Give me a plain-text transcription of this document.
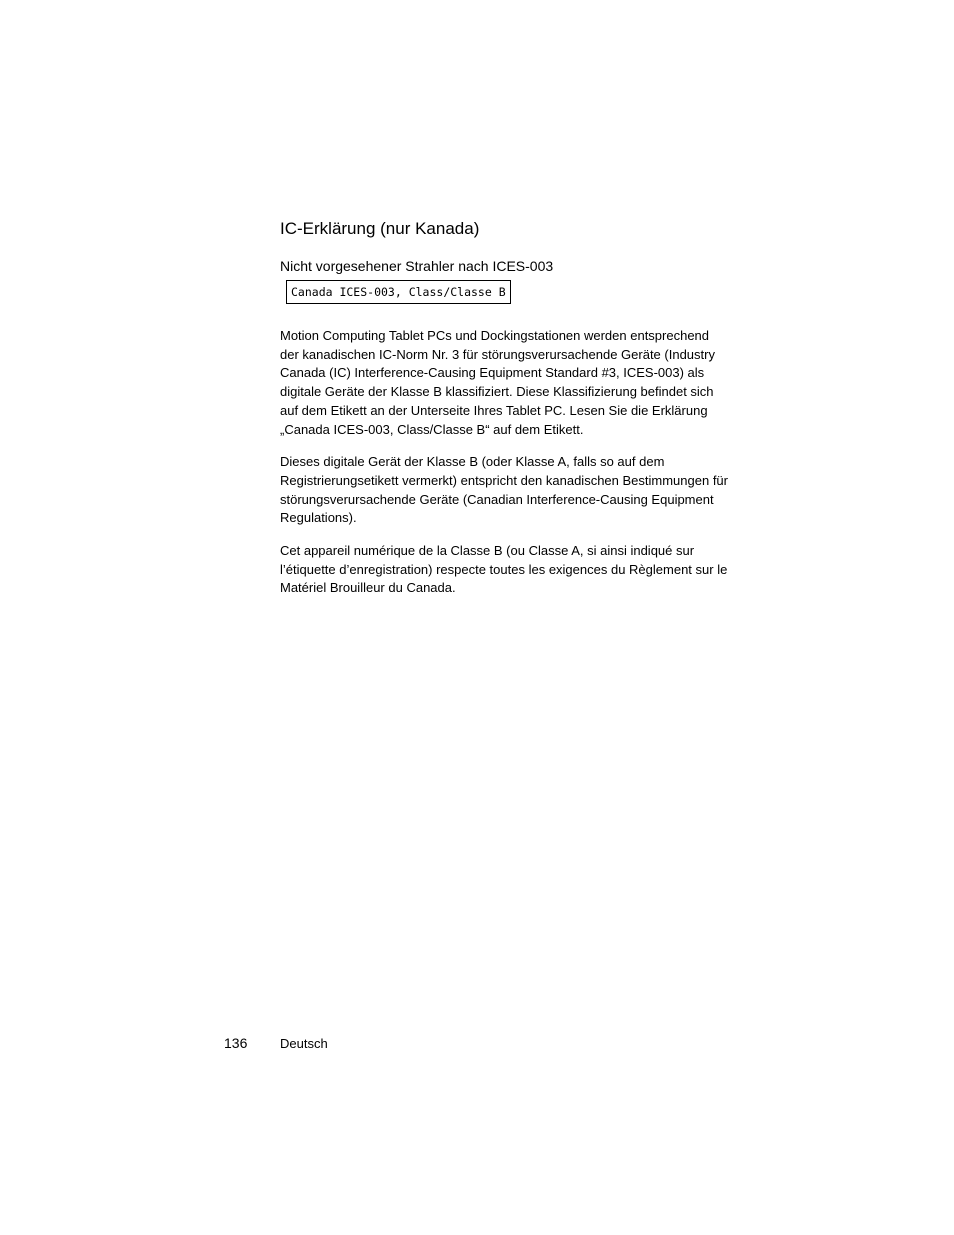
IC-Erklärung (nur Kanada)
Nicht vorgesehener Strahler nach ICES-003
Canada ICES-003, Class/Classe B

Motion Computing Tablet PCs und Dockingstationen werden entsprechend der kanadischen IC-Norm Nr. 3 für störungsverursachende Geräte (Industry Canada (IC) Interference-Causing Equipment Standard #3, ICES-003) als digitale Geräte der Klasse B klassifiziert. Diese Klassifizierung befindet sich auf dem Etikett an der Unterseite Ihres Tablet PC. Lesen Sie die Erklärung „Canada ICES-003, Class/Classe B“ auf dem Etikett.

Dieses digitale Gerät der Klasse B (oder Klasse A, falls so auf dem Registrierungsetikett vermerkt) entspricht den kanadischen Bestimmungen für störungsverursachende Geräte (Canadian Interference-Causing Equipment Regulations).

Cet appareil numérique de la Classe B (ou Classe A, si ainsi indiqué sur l’étiquette d’enregistration) respecte toutes les exigences du Règlement sur le Matériel Brouilleur du Canada.

136	Deutsch
